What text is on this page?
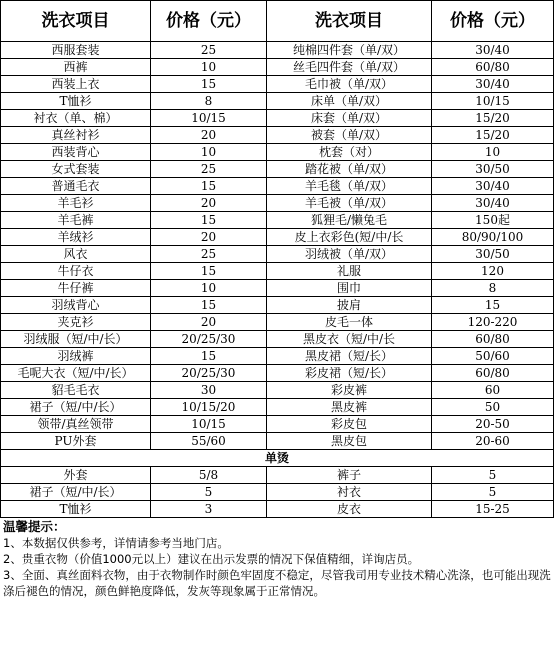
洗衣项目	价格（元）	洗衣项目	价格（元）
西服套装	25	纯棉四件套（单/双）	30/40
西裤	10	丝毛四件套（单/双）	60/80
西装上衣	15	毛巾被（单/双）	30/40
T恤衫	8	床单（单/双）	10/15
衬衣（单、棉）	10/15	床套（单/双）	15/20
真丝衬衫	20	被套（单/双）	15/20
西装背心	10	枕套（对）	10
女式套装	25	踏花被（单/双）	30/50
普通毛衣	15	羊毛毯（单/双）	30/40
羊毛衫	20	羊毛被（单/双）	30/40
羊毛裤	15	狐狸毛/懒兔毛	150起
羊绒衫	20	皮上衣彩色(短/中/长	80/90/100
风衣	25	羽绒被（单/双）	30/50
牛仔衣	15	礼服	120
牛仔裤	10	围巾	8
羽绒背心	15	披肩	15
夹克衫	20	皮毛一体	120-220
羽绒服（短/中/长）	20/25/30	黑皮衣（短/中/长	60/80
羽绒裤	15	黑皮裙（短/长）	50/60
毛呢大衣（短/中/长）	20/25/30	彩皮裙（短/长）	60/80
貂毛毛衣	30	彩皮裤	60
裙子（短/中/长）	10/15/20	黑皮裤	50
领带/真丝领带	10/15	彩皮包	20-50
PU外套	55/60	黑皮包	20-60
单烫			
外套	5/8	裤子	5
裙子（短/中/长）	5	衬衣	5
T恤衫	3	皮衣	15-25
温馨提示：
1、本数据仅供参考，详情请参考当地门店。
2、贵重衣物（价值1000元以上）建议在出示发票的情况下保值精细，详询店员。
3、全面、真丝面料衣物，由于衣物制作时颜色牢固度不稳定，尽管我司用专业技术精心洗涤，也可能出现洗涤后褪色的情况，颜色鲜艳度降低，发灰等现象属于正常情况。
